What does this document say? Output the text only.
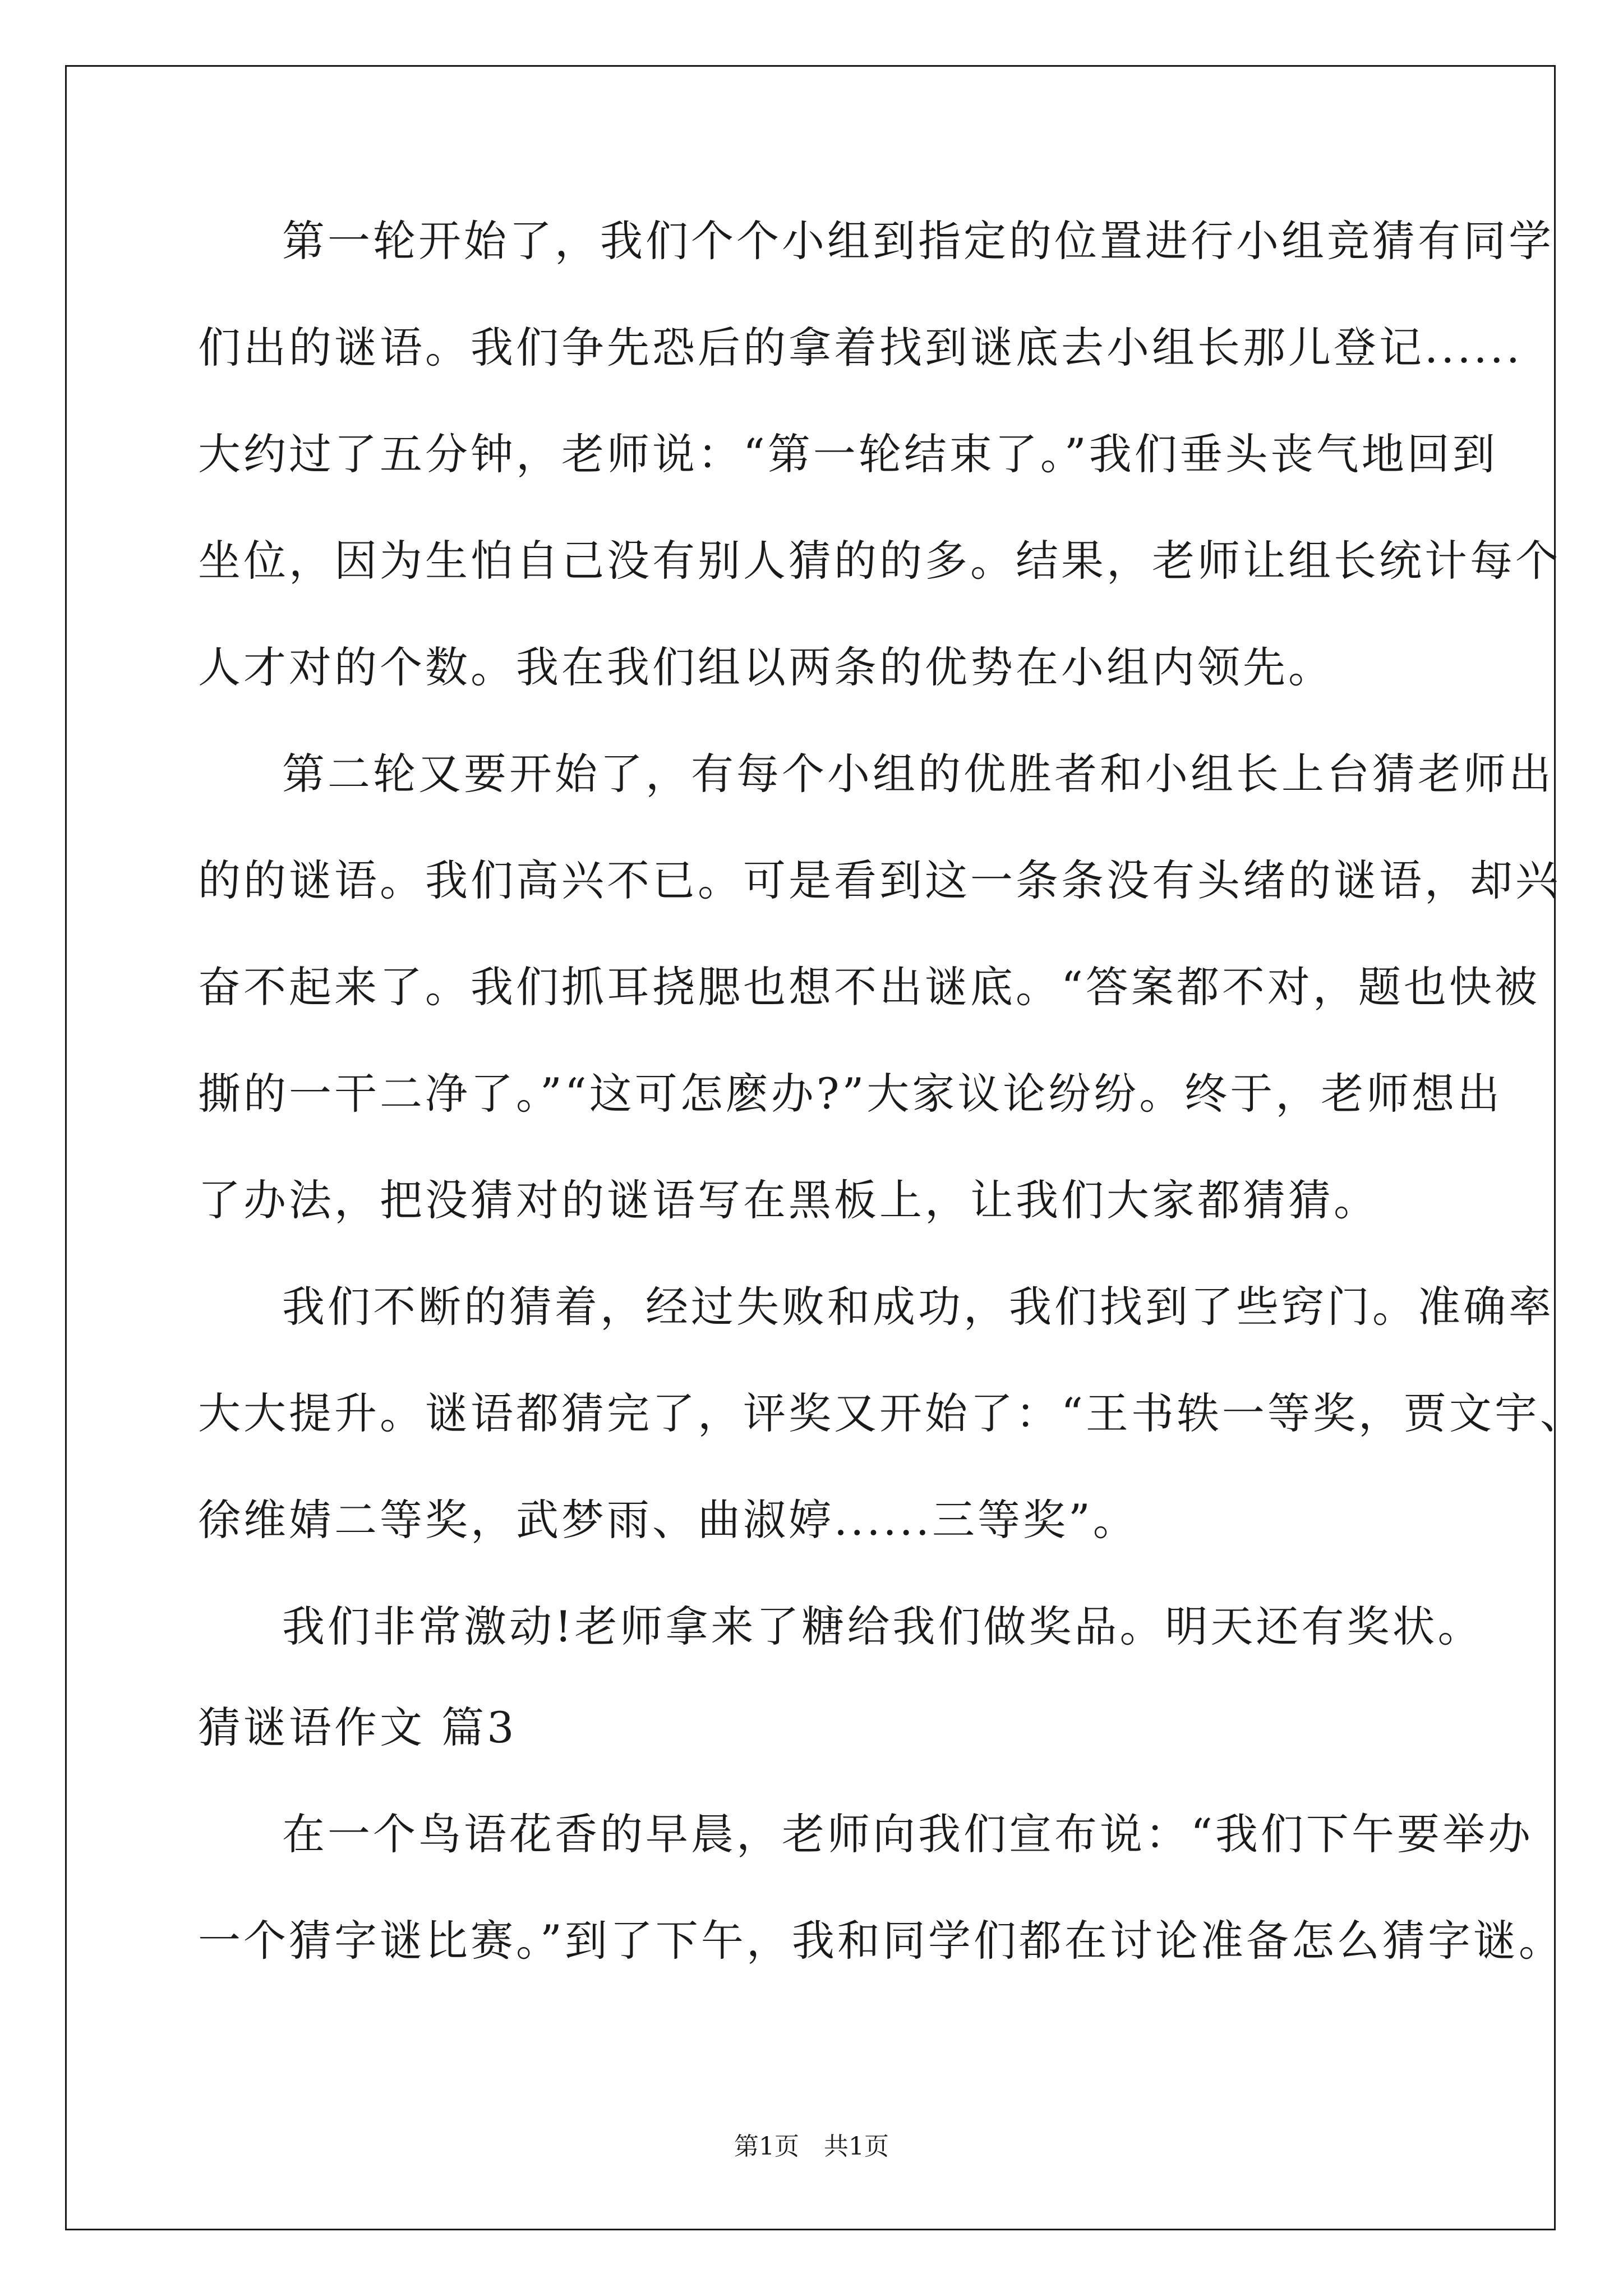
第一轮开始了，我们个个小组到指定的位置进行小组竞猜有同学
们出的谜语。我们争先恐后的拿着找到谜底去小组长那儿登记......
大约过了五分钟，老师说：“第一轮结束了。”我们垂头丧气地回到
坐位，因为生怕自己没有别人猜的的多。结果，老师让组长统计每个
人才对的个数。我在我们组以两条的优势在小组内领先。
第二轮又要开始了，有每个小组的优胜者和小组长上台猜老师出
的的谜语。我们高兴不已。可是看到这一条条没有头绪的谜语，却兴
奋不起来了。我们抓耳挠腮也想不出谜底。“答案都不对，题也快被
撕的一干二净了。”“这可怎麽办?”大家议论纷纷。终于，老师想出
了办法，把没猜对的谜语写在黑板上，让我们大家都猜猜。
我们不断的猜着，经过失败和成功，我们找到了些窍门。准确率
大大提升。谜语都猜完了，评奖又开始了：“王书轶一等奖，贾文宇、
徐维婧二等奖，武梦雨、曲淑婷......三等奖”。
我们非常激动!老师拿来了糖给我们做奖品。明天还有奖状。
猜谜语作文 篇3
在一个鸟语花香的早晨，老师向我们宣布说：“我们下午要举办
一个猜字谜比赛。”到了下午，我和同学们都在讨论准备怎么猜字谜。
第1页　共1页
